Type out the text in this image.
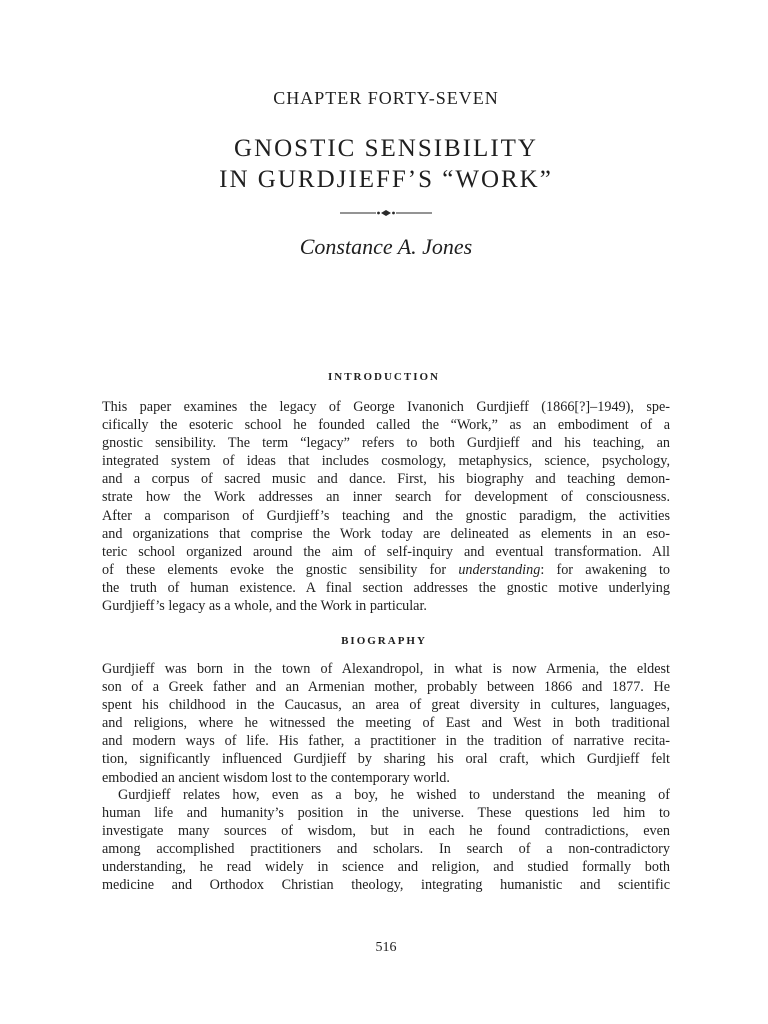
CHAPTER FORTY-SEVEN
GNOSTIC SENSIBILITY
IN GURDJIEFF’S “WORK”
Constance A. Jones
introduction
This paper examines the legacy of George Ivanonich Gurdjieff (1866[?]–1949), spe-
cifically the esoteric school he founded called the “Work,” as an embodiment of a
gnostic sensibility. The term “legacy” refers to both Gurdjieff and his teaching, an
integrated system of ideas that includes cosmology, metaphysics, science, psychology,
and a corpus of sacred music and dance. First, his biography and teaching demon-
strate how the Work addresses an inner search for development of consciousness.
After a comparison of Gurdjieff’s teaching and the gnostic paradigm, the activities
and organizations that comprise the Work today are delineated as elements in an eso-
teric school organized around the aim of self-inquiry and eventual transformation. All
of these elements evoke the gnostic sensibility for understanding: for awakening to
the truth of human existence. A final section addresses the gnostic motive underlying
Gurdjieff’s legacy as a whole, and the Work in particular.
biography
Gurdjieff was born in the town of Alexandropol, in what is now Armenia, the eldest
son of a Greek father and an Armenian mother, probably between 1866 and 1877. He
spent his childhood in the Caucasus, an area of great diversity in cultures, languages,
and religions, where he witnessed the meeting of East and West in both traditional
and modern ways of life. His father, a practitioner in the tradition of narrative recita-
tion, significantly influenced Gurdjieff by sharing his oral craft, which Gurdjieff felt
embodied an ancient wisdom lost to the contemporary world.
Gurdjieff relates how, even as a boy, he wished to understand the meaning of
human life and humanity’s position in the universe. These questions led him to
investigate many sources of wisdom, but in each he found contradictions, even
among accomplished practitioners and scholars. In search of a non-contradictory
understanding, he read widely in science and religion, and studied formally both
medicine and Orthodox Christian theology, integrating humanistic and scientific
516
